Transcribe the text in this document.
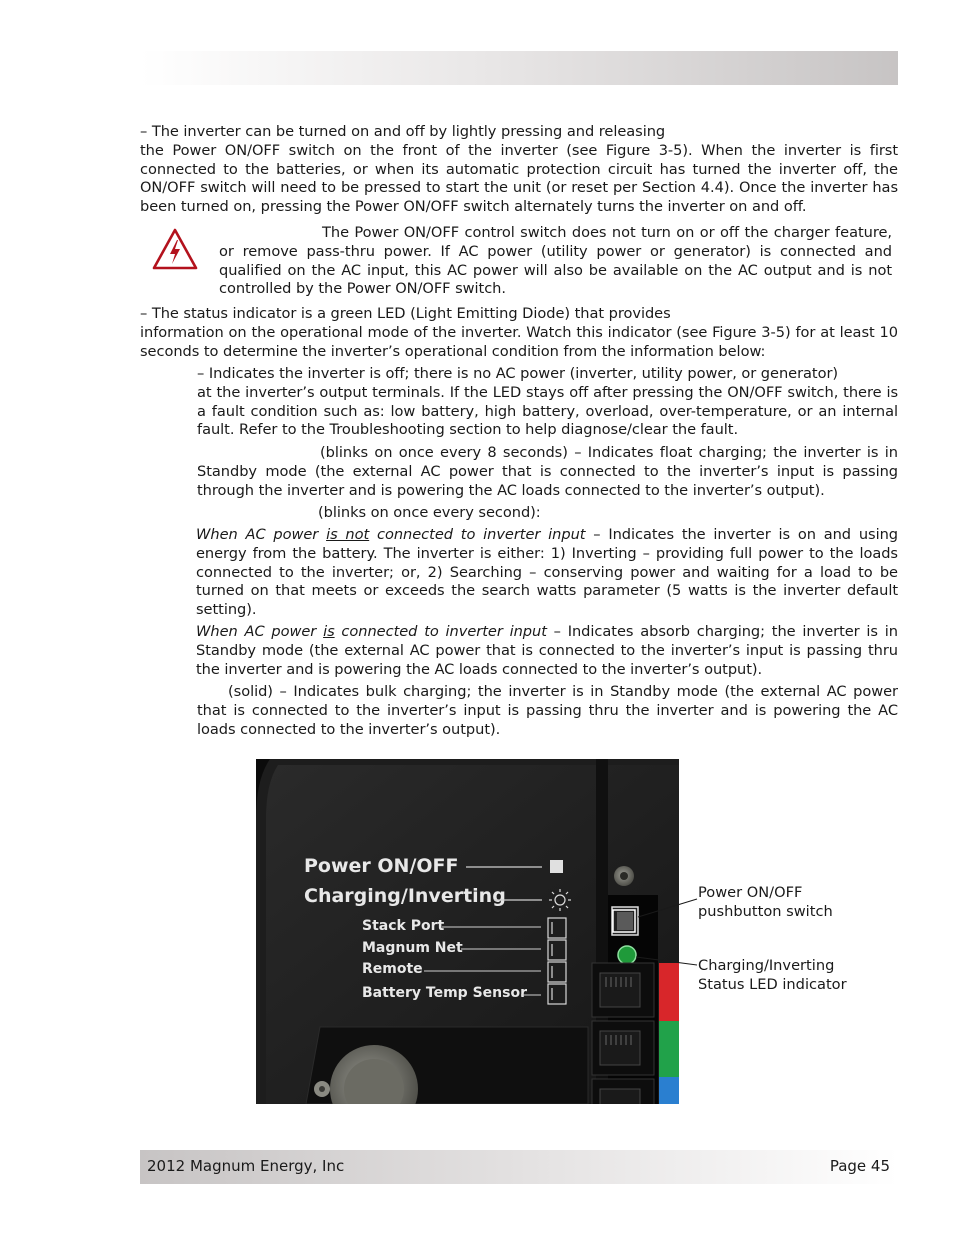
– The inverter can be turned on and off by lightly pressing and releasing

the Power ON/OFF switch on the front of the inverter (see Figure 3-5). When the inverter is first connected to the batteries, or when its automatic protection circuit has turned the inverter off, the ON/OFF switch will need to be pressed to start the unit (or reset per Section 4.4). Once the inverter has been turned on, pressing the Power ON/OFF switch alternately turns the inverter on and off.

The Power ON/OFF control switch does not turn on or off the charger feature, or remove pass-thru power. If AC power (utility power or generator) is connected and qualified on the AC input, this AC power will also be available on the AC output and is not controlled by the Power ON/OFF switch.

– The status indicator is a green LED (Light Emitting Diode) that provides

information on the operational mode of the inverter. Watch this indicator (see Figure 3-5) for at least 10 seconds to determine the inverter’s operational condition from the information below:

– Indicates the inverter is off; there is no AC power (inverter, utility power, or generator)

at the inverter’s output terminals. If the LED stays off after pressing the ON/OFF switch, there is a fault condition such as: low battery, high battery, overload, over-temperature, or an internal fault. Refer to the Troubleshooting section to help diagnose/clear the fault.

(blinks on once every 8 seconds) – Indicates float charging; the inverter is in Standby mode (the external AC power that is connected to the inverter’s input is passing through the inverter and is powering the AC loads connected to the inverter’s output).

(blinks on once every second):

When AC power is not connected to inverter input – Indicates the inverter is on and using energy from the battery. The inverter is either: 1) Inverting – providing full power to the loads connected to the inverter; or, 2) Searching – conserving power and waiting for a load to be turned on that meets or exceeds the search watts parameter (5 watts is the inverter default setting).

When AC power is connected to inverter input – Indicates absorb charging; the inverter is in Standby mode (the external AC power that is connected to the inverter’s input is passing thru the inverter and is powering the AC loads connected to the inverter’s output).

(solid) – Indicates bulk charging; the inverter is in Standby mode (the external AC power that is connected to the inverter’s input is passing thru the inverter and is powering the AC loads connected to the inverter’s output).

Power ON/OFF
Charging/Inverting
Stack Port
Magnum Net
Remote
Battery Temp Sensor
Power ON/OFF
pushbutton switch
Charging/Inverting
Status LED indicator
2012 Magnum Energy, Inc	Page 45
